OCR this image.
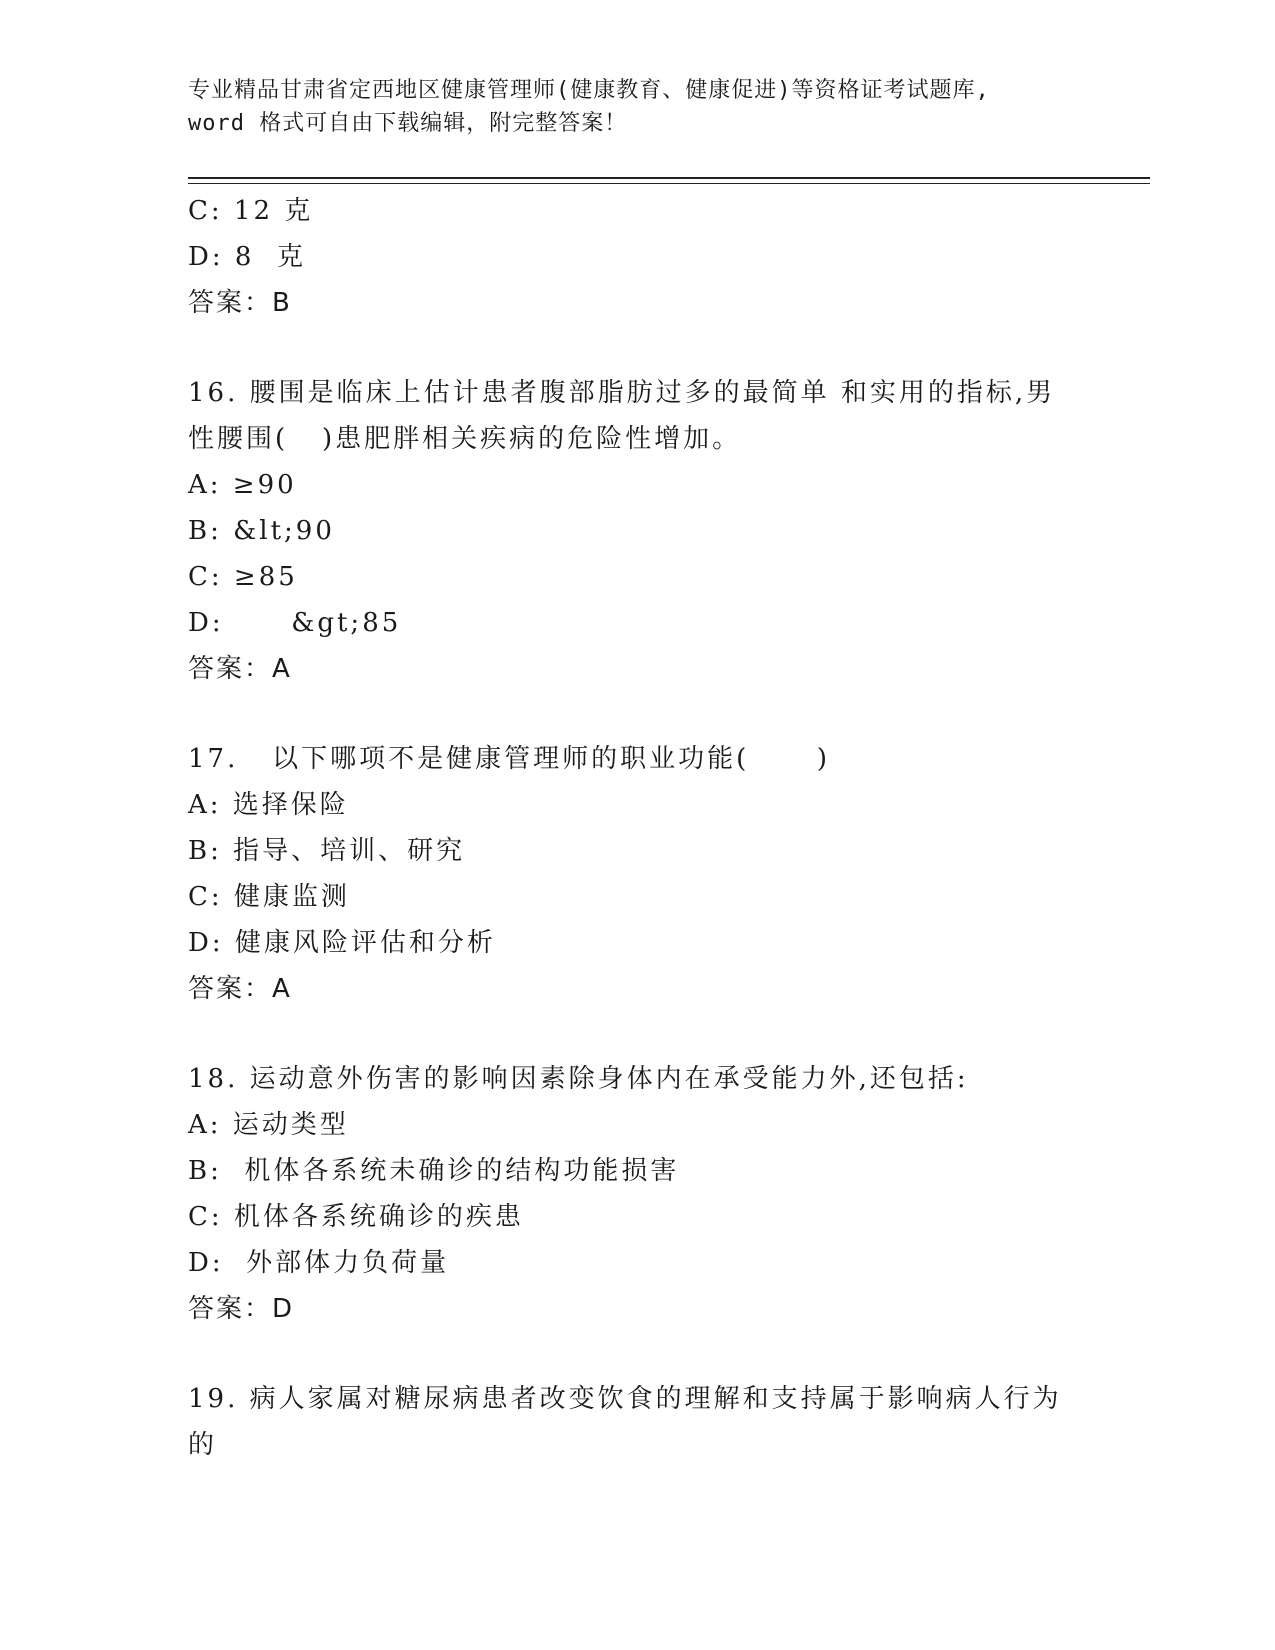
专业精品甘肃省定西地区健康管理师(健康教育、健康促进)等资格证考试题库,
word 格式可自由下载编辑，附完整答案！
C: 12 克
D: 8  克
答案：B
16. 腰围是临床上估计患者腹部脂肪过多的最简单 和实用的指标,男性腰围(   )患肥胖相关疾病的危险性增加。
A: ≥90
B: &lt;90
C: ≥85
D:      &gt;85
答案：A
17.   以下哪项不是健康管理师的职业功能(      )
A: 选择保险
B: 指导、培训、研究
C: 健康监测
D: 健康风险评估和分析
答案：A
18. 运动意外伤害的影响因素除身体内在承受能力外,还包括:
A: 运动类型
B:  机体各系统未确诊的结构功能损害
C: 机体各系统确诊的疾患
D:  外部体力负荷量
答案：D
19. 病人家属对糖尿病患者改变饮食的理解和支持属于影响病人行为的
